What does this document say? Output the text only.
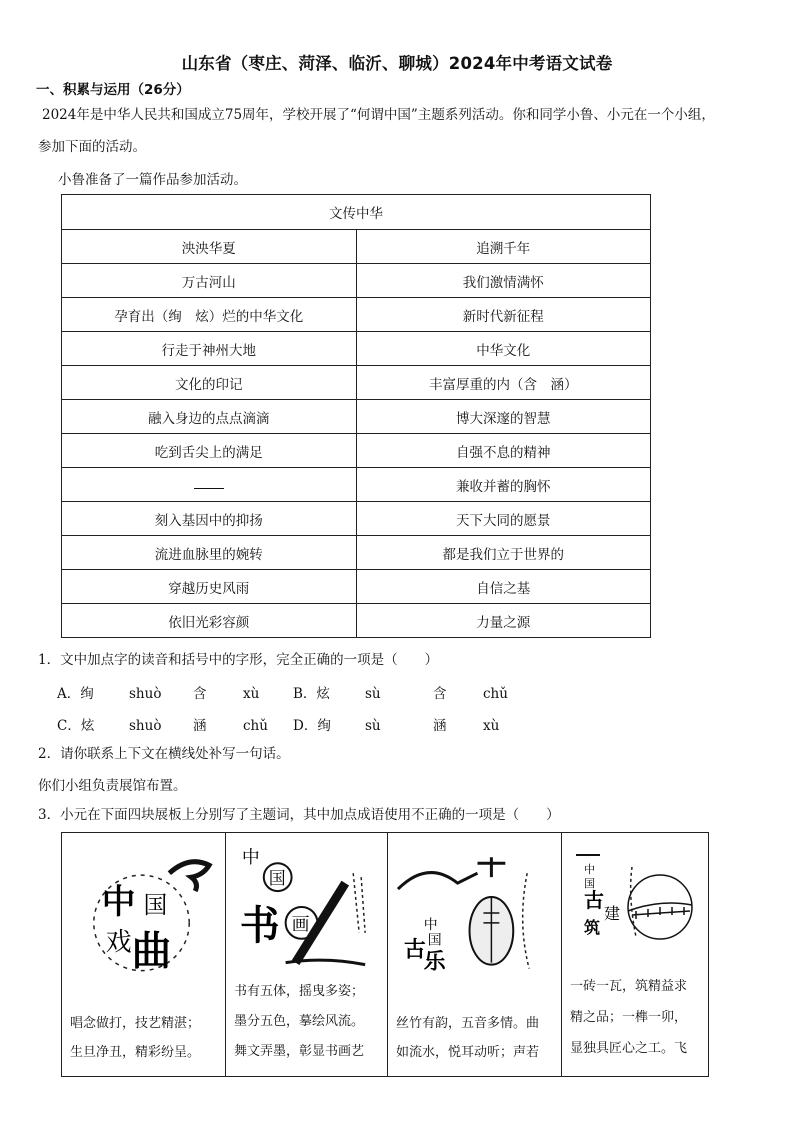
山东省（枣庄、菏泽、临沂、聊城）2024年中考语文试卷
一、积累与运用（26分）
2024年是中华人民共和国成立75周年，学校开展了“何谓中国”主题系列活动。你和同学小鲁、小元在一个小组，
参加下面的活动。
小鲁准备了一篇作品参加活动。
文传中华	
泱泱华夏	追溯千年
万古河山	我们激情满怀
孕育出（绚　炫）烂的中华文化	新时代新征程
行走于神州大地	中华文化
文化的印记	丰富厚重的内（含　涵）
融入身边的点点滴滴	博大深邃的智慧
吃到舌尖上的满足	自强不息的精神
	兼收并蓄的胸怀
刻入基因中的抑扬	天下大同的愿景
流进血脉里的婉转	都是我们立于世界的
穿越历史风雨	自信之基
依旧光彩容颜	力量之源
1．文中加点字的读音和括号中的字形，完全正确的一项是（　　）
A．绚	shuò 含	xù B．炫	sù	含	chǔ
C．炫	shuò 涵	chǔ D．绚	sù	涵	xù
2．请你联系上下文在横线处补写一句话。
你们小组负责展馆布置。
3．小元在下面四块展板上分别写了主题词，其中加点成语使用不正确的一项是（　　）
中 国
戏 曲
唱念做打，技艺精湛；
生旦净丑，精彩纷呈。
中
国
书 画
书有五体，摇曳多姿；
墨分五色，摹绘风流。
舞文弄墨，彰显书画艺
中
国
古
乐
丝竹有韵，五音多情。曲
如流水，悦耳动听；声若
中
国
古
建
筑
一砖一瓦，筑精益求
精之品；一榫一卯，
显独具匠心之工。飞
